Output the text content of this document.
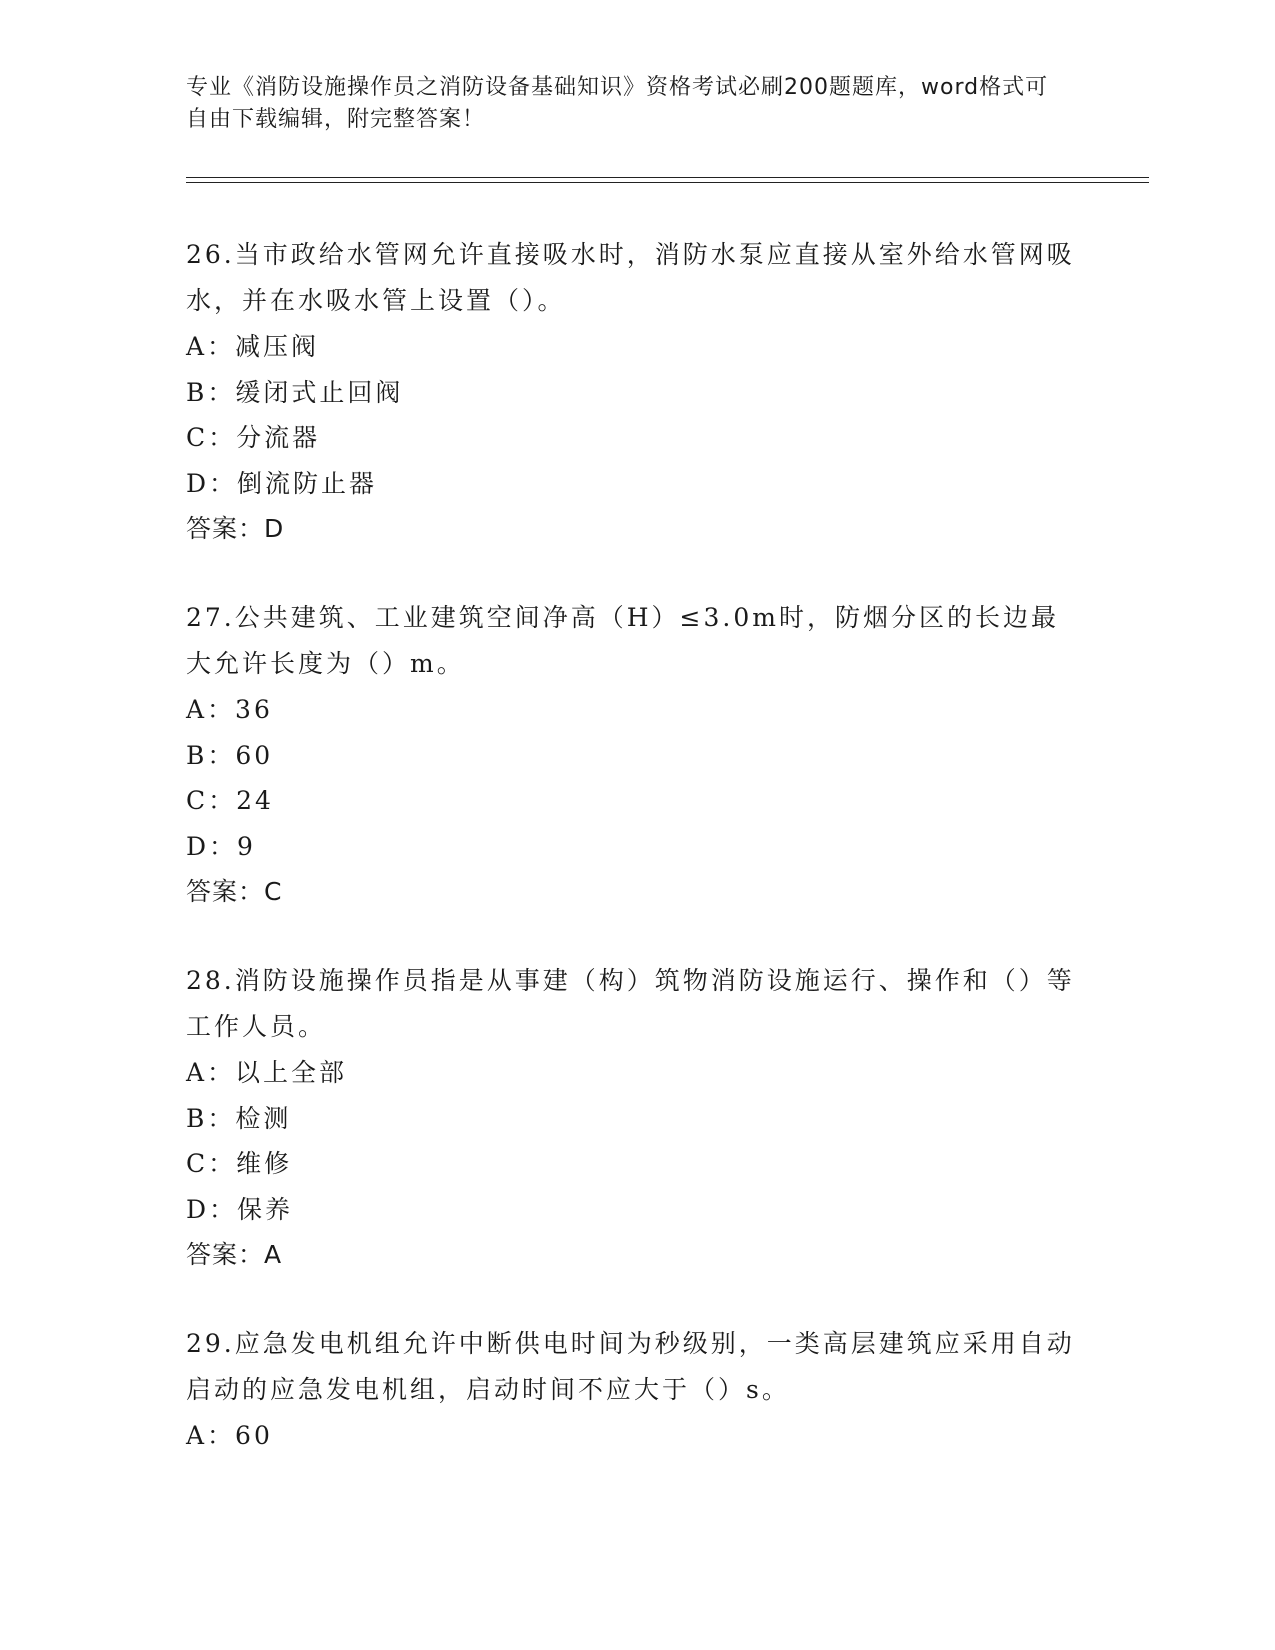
专业《消防设施操作员之消防设备基础知识》资格考试必刷200题题库，word格式可自由下载编辑，附完整答案！

26.当市政给水管网允许直接吸水时，消防水泵应直接从室外给水管网吸水，并在水吸水管上设置（）。

A：减压阀
B：缓闭式止回阀
C：分流器
D：倒流防止器
答案：D

27.公共建筑、工业建筑空间净高（H）≤3.0m时，防烟分区的长边最大允许长度为（）m。

A：36
B：60
C：24
D：9
答案：C

28.消防设施操作员指是从事建（构）筑物消防设施运行、操作和（）等工作人员。

A：以上全部
B：检测
C：维修
D：保养
答案：A

29.应急发电机组允许中断供电时间为秒级别，一类高层建筑应采用自动启动的应急发电机组，启动时间不应大于（）s。

A：60
